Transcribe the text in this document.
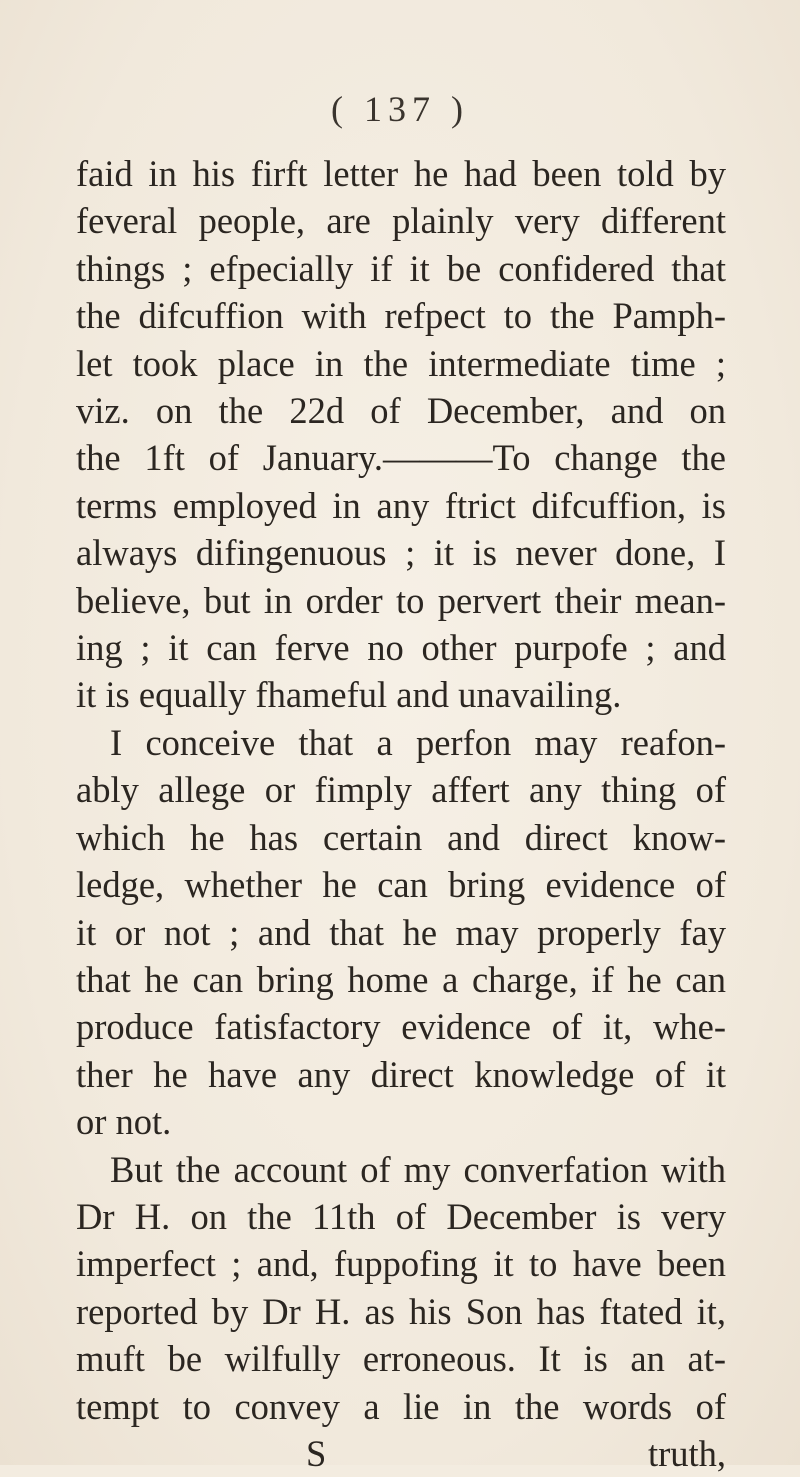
( 137 )
faid in his firft letter he had been told by
feveral people, are plainly very different
things ; efpecially if it be confidered that
the difcuffion with refpect to the Pamph-
let took place in the intermediate time ;
viz. on the 22d of December, and on
the 1ft of January.———To change the
terms employed in any ftrict difcuffion, is
always difingenuous ; it is never done, I
believe, but in order to pervert their mean-
ing ; it can ferve no other purpofe ; and
it is equally fhameful and unavailing.
I conceive that a perfon may reafon-
ably allege or fimply affert any thing of
which he has certain and direct know-
ledge, whether he can bring evidence of
it or not ; and that he may properly fay
that he can bring home a charge, if he can
produce fatisfactory evidence of it, whe-
ther he have any direct knowledge of it
or not.
But the account of my converfation with
Dr H. on the 11th of December is very
imperfect ; and, fuppofing it to have been
reported by Dr H. as his Son has ftated it,
muft be wilfully erroneous. It is an at-
tempt to convey a lie in the words of
S	truth,
